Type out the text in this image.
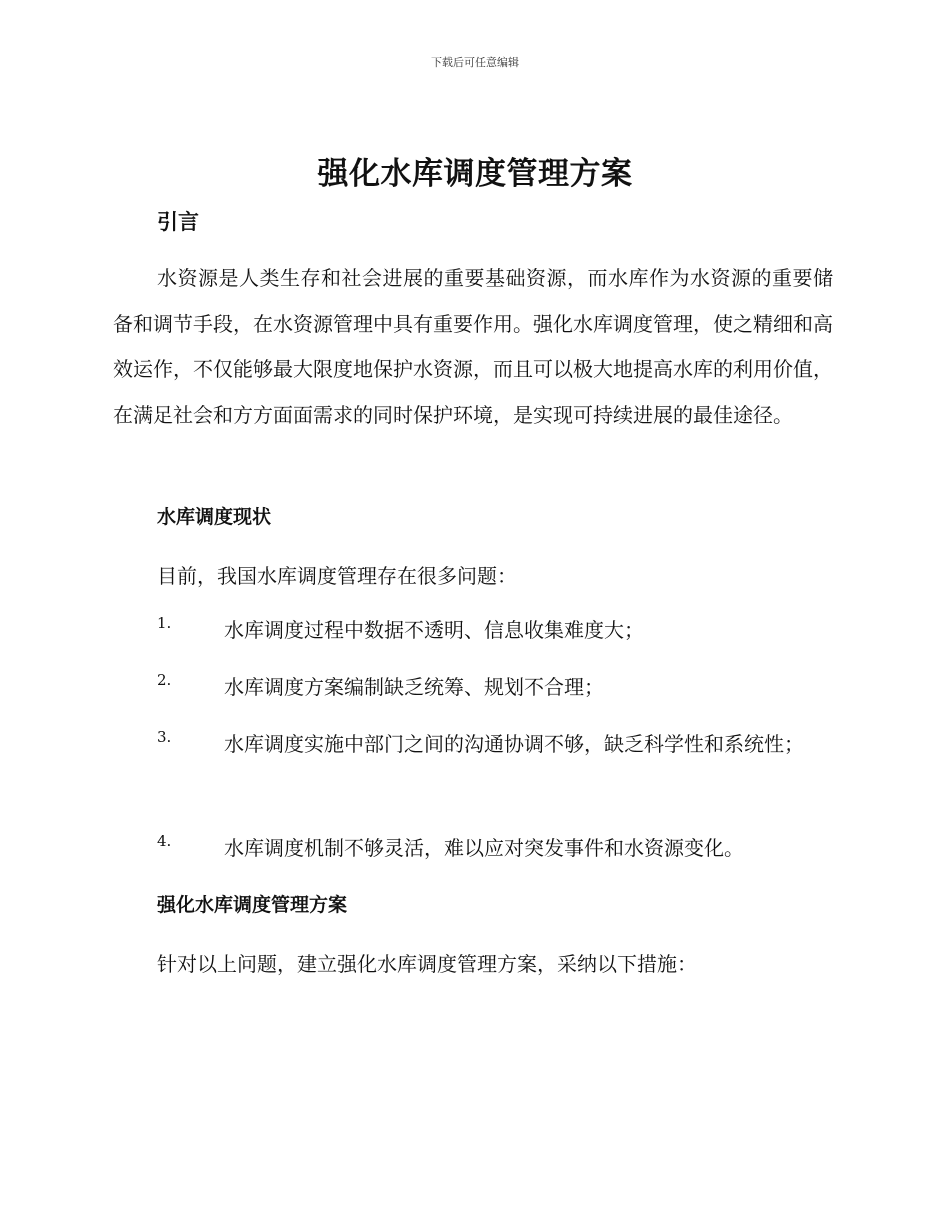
下载后可任意编辑
强化水库调度管理方案
引言
水资源是人类生存和社会进展的重要基础资源，而水库作为水资源的重要储备和调节手段，在水资源管理中具有重要作用。强化水库调度管理，使之精细和高效运作，不仅能够最大限度地保护水资源，而且可以极大地提高水库的利用价值，在满足社会和方方面面需求的同时保护环境，是实现可持续进展的最佳途径。
水库调度现状
目前，我国水库调度管理存在很多问题：
1.	水库调度过程中数据不透明、信息收集难度大；
2.	水库调度方案编制缺乏统筹、规划不合理；
3.	水库调度实施中部门之间的沟通协调不够，缺乏科学性和系统性；
4.	水库调度机制不够灵活，难以应对突发事件和水资源变化。
强化水库调度管理方案
针对以上问题，建立强化水库调度管理方案，采纳以下措施：
